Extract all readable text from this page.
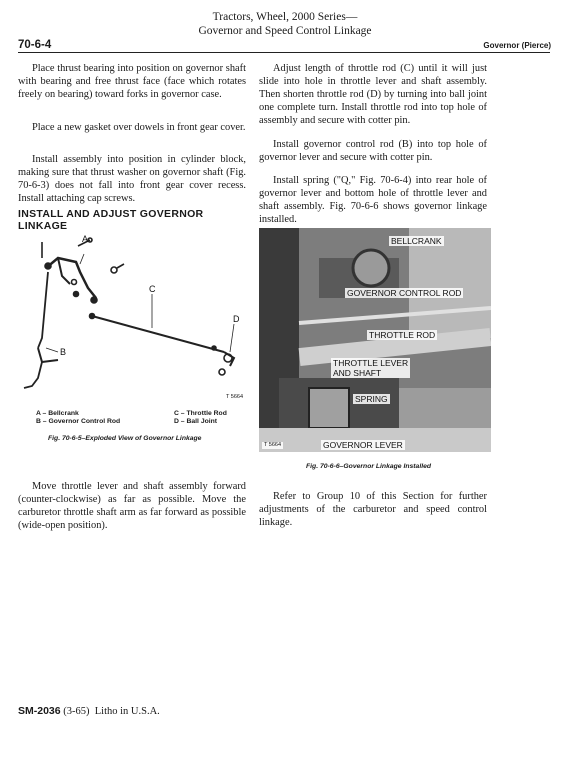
Tractors, Wheel, 2000 Series—
Governor and Speed Control Linkage
70-6-4	Governor (Pierce)

Place thrust bearing into position on governor shaft with bearing and free thrust face (face which rotates freely on bearing) toward forks in governor case.

Place a new gasket over dowels in front gear cover.

Install assembly into position in cylinder block, making sure that thrust washer on governor shaft (Fig. 70-6-3) does not fall into front gear cover recess. Install attaching cap screws.

INSTALL AND ADJUST GOVERNOR LINKAGE
A
C
D
B
T 5664
A – Bellcrank
B – Governor Control Rod
C – Throttle Rod
D – Ball Joint
Fig. 70-6-5–Exploded View of Governor Linkage

Move throttle lever and shaft assembly forward (counter-clockwise) as far as possible. Move the carburetor throttle shaft arm as far forward as possible (wide-open position).

Adjust length of throttle rod (C) until it will just slide into hole in throttle lever and shaft assembly. Then shorten throttle rod (D) by turning into ball joint one complete turn. Install throttle rod into top hole of assembly and secure with cotter pin.

Install governor control rod (B) into top hole of governor lever and secure with cotter pin.

Install spring ("Q," Fig. 70-6-4) into rear hole of governor lever and bottom hole of throttle lever and shaft assembly. Fig. 70-6-6 shows governor linkage installed.

BELLCRANK
GOVERNOR CONTROL ROD
THROTTLE ROD
THROTTLE LEVER
AND SHAFT
SPRING
GOVERNOR LEVER
T 5664
Fig. 70-6-6–Governor Linkage Installed

Refer to Group 10 of this Section for further adjustments of the carburetor and speed control linkage.

SM-2036 (3-65) Litho in U.S.A.
